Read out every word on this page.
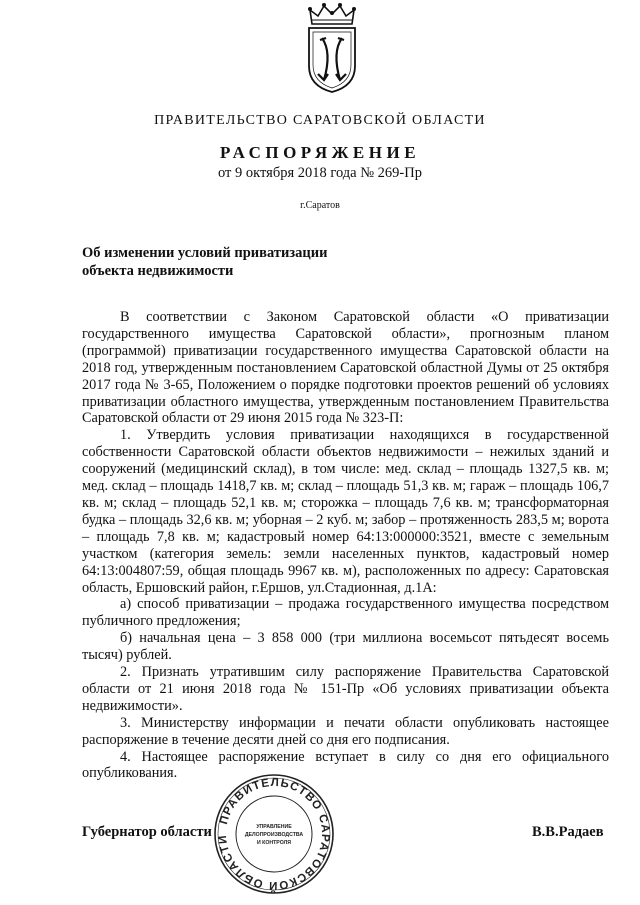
ПРАВИТЕЛЬСТВО САРАТОВСКОЙ ОБЛАСТИ
РАСПОРЯЖЕНИЕ
от 9 октября 2018 года № 269-Пр
г.Саратов
Об изменении условий приватизации
объекта недвижимости

В соответствии с Законом Саратовской области «О приватизации государственного имущества Саратовской области», прогнозным планом (программой) приватизации государственного имущества Саратовской области на 2018 год, утвержденным постановлением Саратовской областной Думы от 25 октября 2017 года № 3-65, Положением о порядке подготовки проектов решений об условиях приватизации областного имущества, утвержденным постановлением Правительства Саратовской области от 29 июня 2015 года № 323-П:

1. Утвердить условия приватизации находящихся в государственной собственности Саратовской области объектов недвижимости – нежилых зданий и сооружений (медицинский склад), в том числе: мед. склад – площадь 1327,5 кв. м; мед. склад – площадь 1418,7 кв. м; склад – площадь 51,3 кв. м; гараж – площадь 106,7 кв. м; склад – площадь 52,1 кв. м; сторожка – площадь 7,6 кв. м; трансформаторная будка – площадь 32,6 кв. м; уборная – 2 куб. м; забор – протяженность 283,5 м; ворота – площадь 7,8 кв. м; кадастровый номер 64:13:000000:3521, вместе с земельным участком (категория земель: земли населенных пунктов, кадастровый номер 64:13:004807:59, общая площадь 9967 кв. м), расположенных по адресу: Саратовская область, Ершовский район, г.Ершов, ул.Стадионная, д.1А:

а) способ приватизации – продажа государственного имущества посредством публичного предложения;

б) начальная цена – 3 858 000 (три миллиона восемьсот пятьдесят восемь тысяч) рублей.

2. Признать утратившим силу распоряжение Правительства Саратовской области от 21 июня 2018 года № 151-Пр «Об условиях приватизации объекта недвижимости».

3. Министерству информации и печати области опубликовать настоящее распоряжение в течение десяти дней со дня его подписания.

4. Настоящее распоряжение вступает в силу со дня его официального опубликования.

Губернатор области	В.В.Радаев
ПРАВИТЕЛЬСТВО САРАТОВСКОЙ ОБЛАСТИ
УПРАВЛЕНИЕ
ДЕЛОПРОИЗВОДСТВА
И КОНТРОЛЯ
